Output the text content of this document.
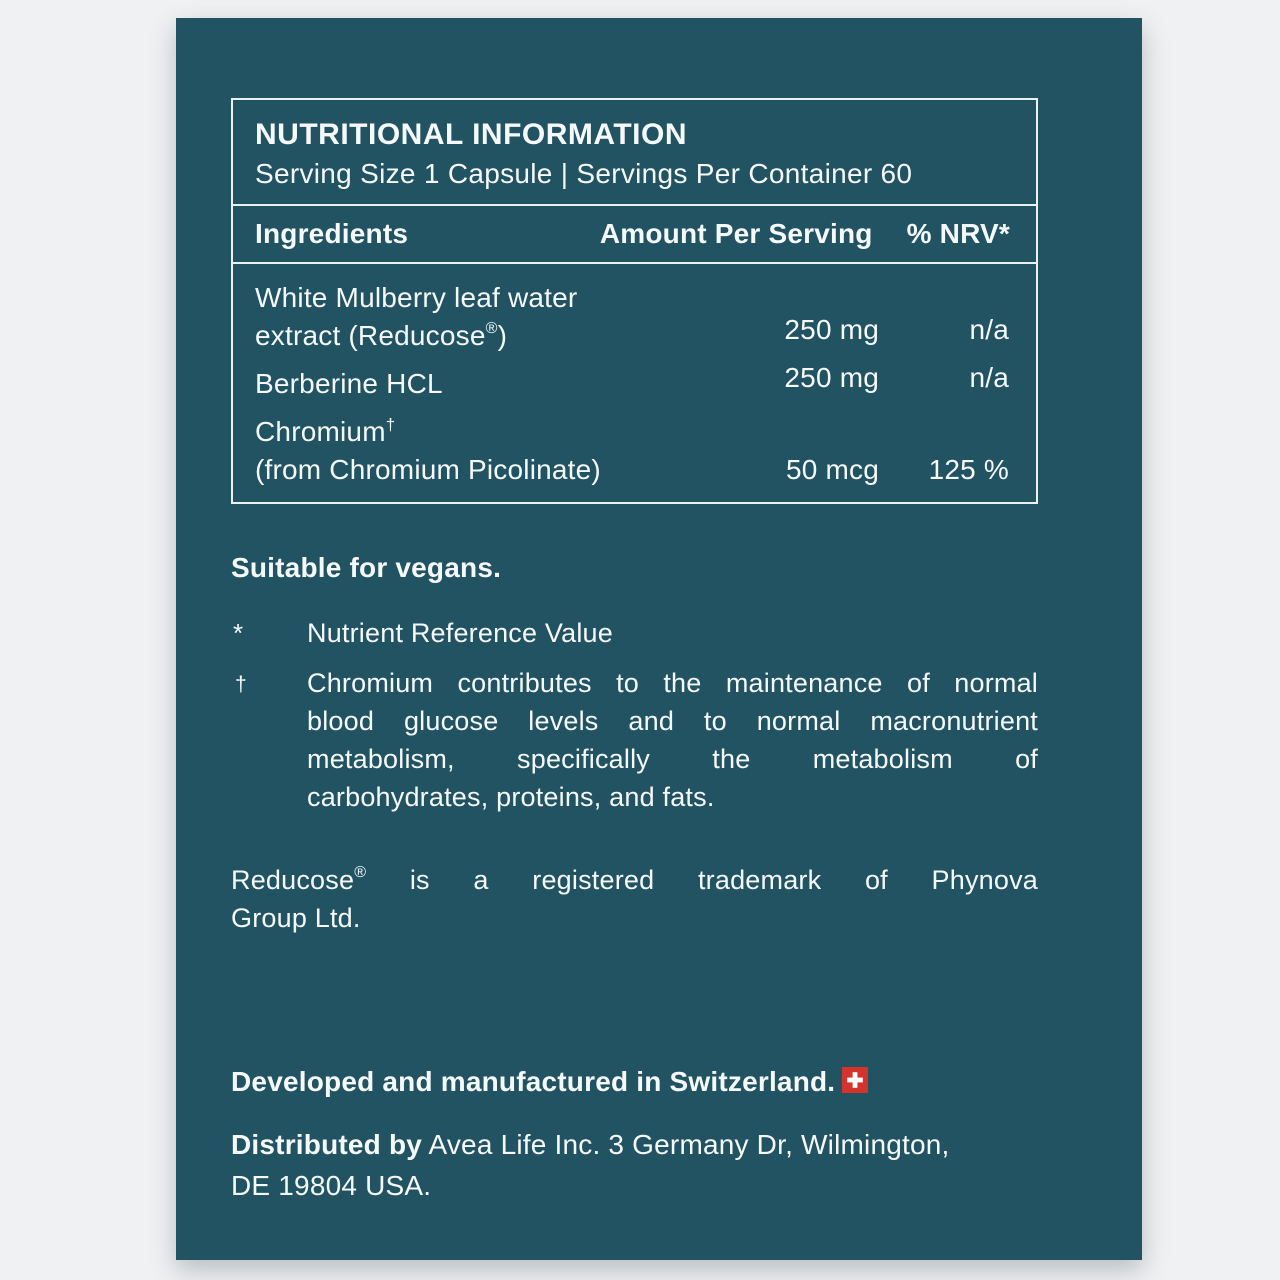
NUTRITIONAL INFORMATION
Serving Size 1 Capsule | Servings Per Container 60
Ingredients	Amount Per Serving % NRV*
White Mulberry leaf water
extract (Reducose®)	250 mg	n/a
Berberine HCL	250 mg	n/a
Chromium†
(from Chromium Picolinate)	50 mcg	125 %
Suitable for vegans.
* Nutrient Reference Value
† Chromium contributes to the maintenance of normal
blood glucose levels and to normal macronutrient
metabolism, specifically the metabolism of
carbohydrates, proteins, and fats.
Reducose® is a registered trademark of Phynova
Group Ltd.
Developed and manufactured in Switzerland.
Distributed by Avea Life Inc. 3 Germany Dr, Wilmington,
DE 19804 USA.
